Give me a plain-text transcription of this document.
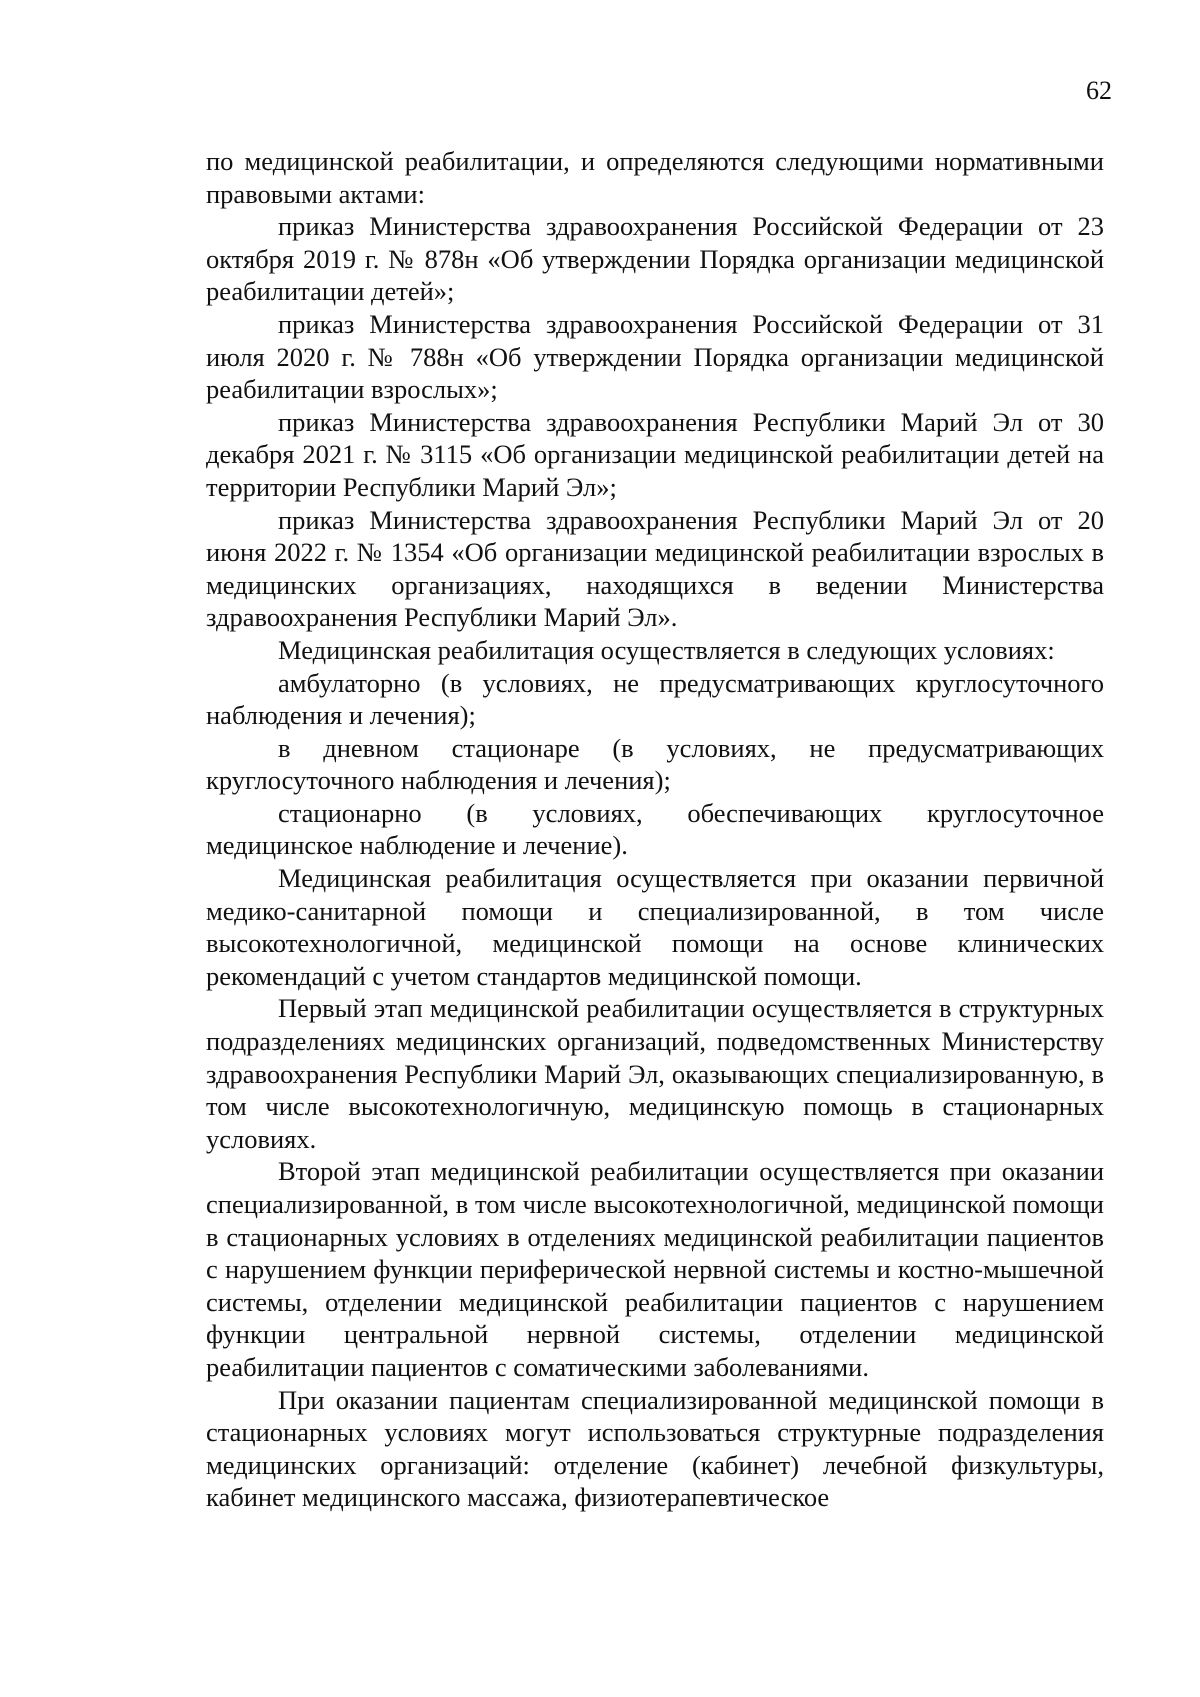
62

по медицинской реабилитации, и определяются следующими нормативными правовыми актами:

приказ Министерства здравоохранения Российской Федерации от 23 октября 2019 г. № 878н «Об утверждении Порядка организации медицинской реабилитации детей»;

приказ Министерства здравоохранения Российской Федерации от 31 июля 2020 г. № 788н «Об утверждении Порядка организации медицинской реабилитации взрослых»;

приказ Министерства здравоохранения Республики Марий Эл от 30 декабря 2021 г. № 3115 «Об организации медицинской реабилитации детей на территории Республики Марий Эл»;

приказ Министерства здравоохранения Республики Марий Эл от 20 июня 2022 г. № 1354 «Об организации медицинской реабилитации взрослых в медицинских организациях, находящихся в ведении Министерства здравоохранения Республики Марий Эл».

Медицинская реабилитация осуществляется в следующих условиях:

амбулаторно (в условиях, не предусматривающих круглосуточного наблюдения и лечения);

в дневном стационаре (в условиях, не предусматривающих круглосуточного наблюдения и лечения);

стационарно (в условиях, обеспечивающих круглосуточное медицинское наблюдение и лечение).

Медицинская реабилитация осуществляется при оказании первичной медико-санитарной помощи и специализированной, в том числе высокотехнологичной, медицинской помощи на основе клинических рекомендаций с учетом стандартов медицинской помощи.

Первый этап медицинской реабилитации осуществляется в структурных подразделениях медицинских организаций, подведомственных Министерству здравоохранения Республики Марий Эл, оказывающих специализированную, в том числе высокотехнологичную, медицинскую помощь в стационарных условиях.

Второй этап медицинской реабилитации осуществляется при оказании специализированной, в том числе высокотехнологичной, медицинской помощи в стационарных условиях в отделениях медицинской реабилитации пациентов с нарушением функции периферической нервной системы и костно-мышечной системы, отделении медицинской реабилитации пациентов с нарушением функции центральной нервной системы, отделении медицинской реабилитации пациентов с соматическими заболеваниями.

При оказании пациентам специализированной медицинской помощи в стационарных условиях могут использоваться структурные подразделения медицинских организаций: отделение (кабинет) лечебной физкультуры, кабинет медицинского массажа, физиотерапевтическое
